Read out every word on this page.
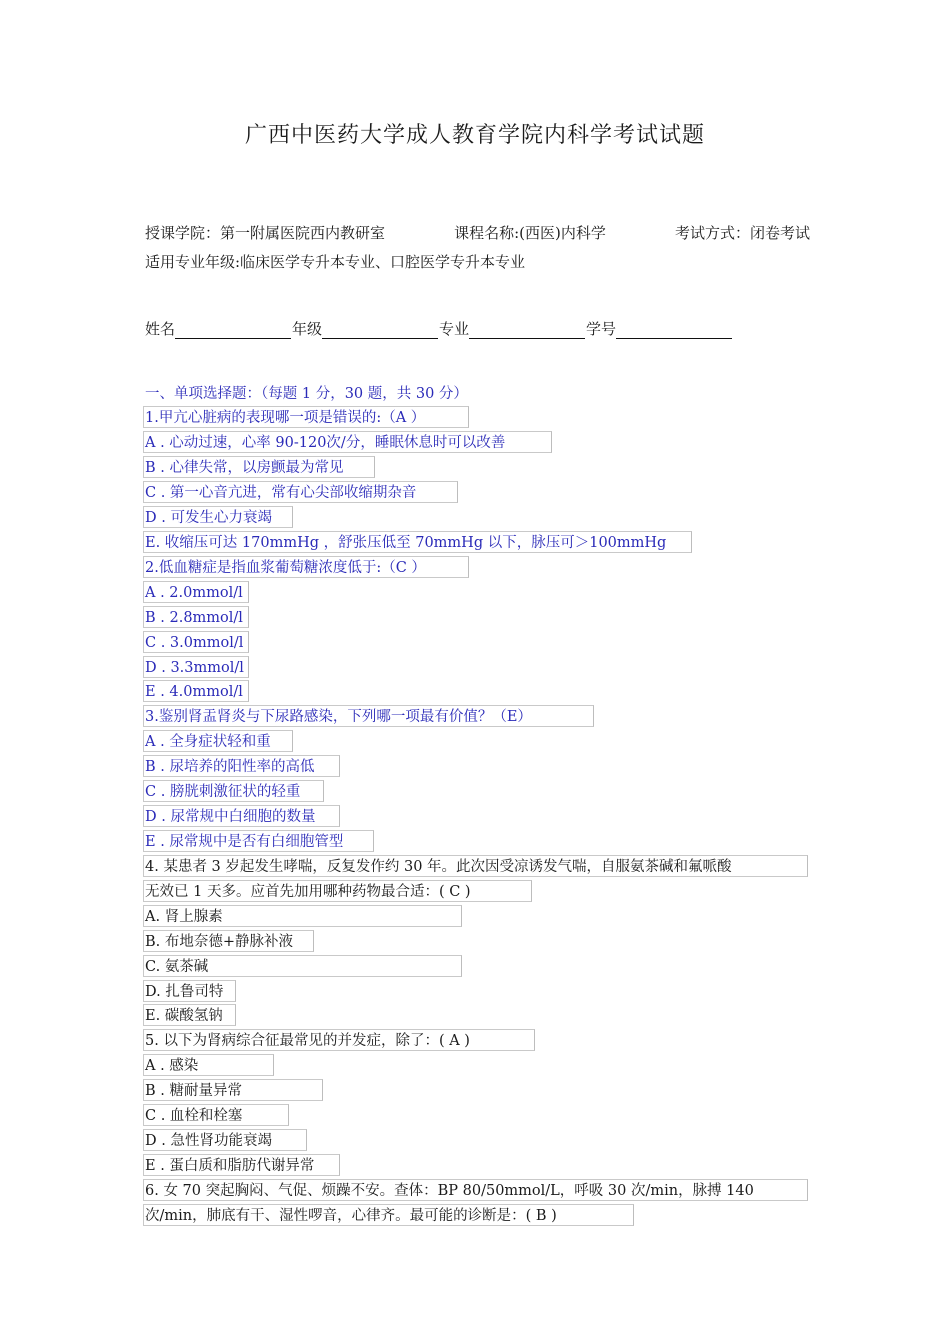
广西中医药大学成人教育学院内科学考试试题
授课学院：第一附属医院西内教研室	课程名称:(西医)内科学	考试方式：闭卷考试
适用专业年级:临床医学专升本专业、口腔医学专升本专业
姓名	年级	专业	学号
一、单项选择题：（每题 1 分，30 题，共 30 分）
1.甲亢心脏病的表现哪一项是错误的:（A ）
A . 心动过速，心率 90-120次/分，睡眠休息时可以改善
B . 心律失常，以房颤最为常见
C . 第一心音亢进，常有心尖部收缩期杂音
D . 可发生心力衰竭
E. 收缩压可达 170mmHg ，舒张压低至 70mmHg 以下，脉压可＞100mmHg
2.低血糖症是指血浆葡萄糖浓度低于:（C ）
A . 2.0mmol/l
B . 2.8mmol/l
C . 3.0mmol/l
D . 3.3mmol/l
E . 4.0mmol/l
3.鉴别肾盂肾炎与下尿路感染，下列哪一项最有价值？（E）
A . 全身症状轻和重
B . 尿培养的阳性率的高低
C . 膀胱刺激征状的轻重
D . 尿常规中白细胞的数量
E . 尿常规中是否有白细胞管型
4. 某患者 3 岁起发生哮喘，反复发作约 30 年。此次因受凉诱发气喘，自服氨茶碱和氟哌酸
无效已 1 天多。应首先加用哪种药物最合适：( C )
A. 肾上腺素
B. 布地奈德+静脉补液
C. 氨茶碱
D. 扎鲁司特
E. 碳酸氢钠
5. 以下为肾病综合征最常见的并发症，除了：( A )
A . 感染
B . 糖耐量异常
C . 血栓和栓塞
D . 急性肾功能衰竭
E . 蛋白质和脂肪代谢异常
6. 女 70 突起胸闷、气促、烦躁不安。查体：BP 80/50mmol/L，呼吸 30 次/min，脉搏 140
次/min，肺底有干、湿性啰音，心律齐。最可能的诊断是：( B )
